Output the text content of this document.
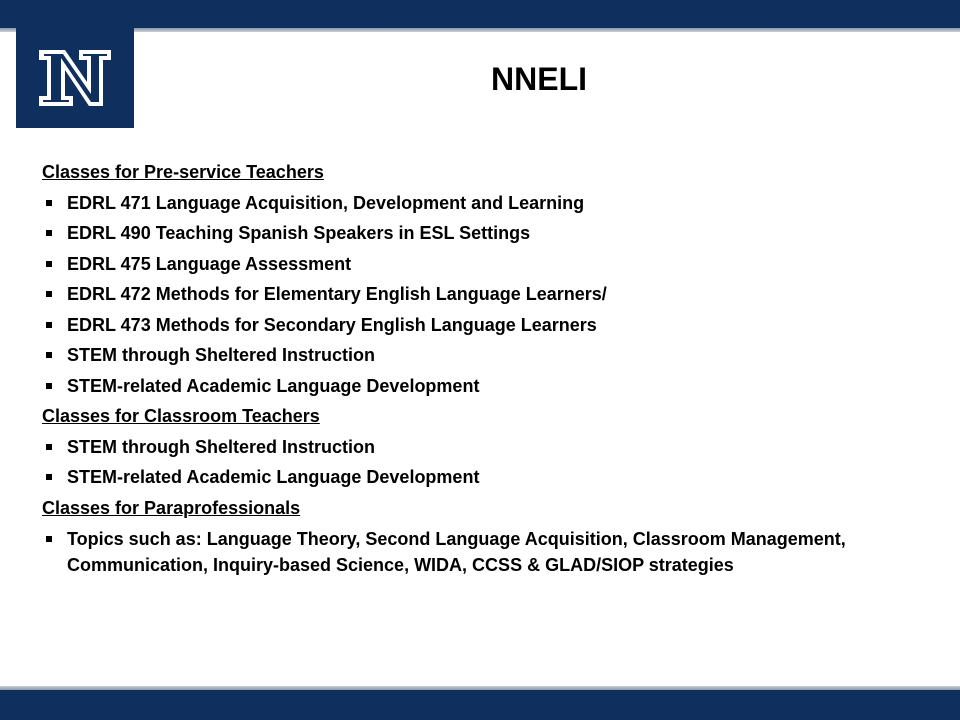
NNELI
Classes for Pre-service Teachers
EDRL 471 Language Acquisition, Development and Learning
EDRL 490 Teaching Spanish Speakers in ESL Settings
EDRL 475 Language Assessment
EDRL 472 Methods for Elementary English Language Learners/
EDRL 473 Methods for Secondary English Language Learners
STEM through Sheltered Instruction
STEM-related Academic Language Development
Classes for Classroom Teachers
STEM through Sheltered Instruction
STEM-related Academic Language Development
Classes for Paraprofessionals
Topics such as: Language Theory, Second Language Acquisition, Classroom Management, Communication, Inquiry-based Science, WIDA, CCSS & GLAD/SIOP strategies
